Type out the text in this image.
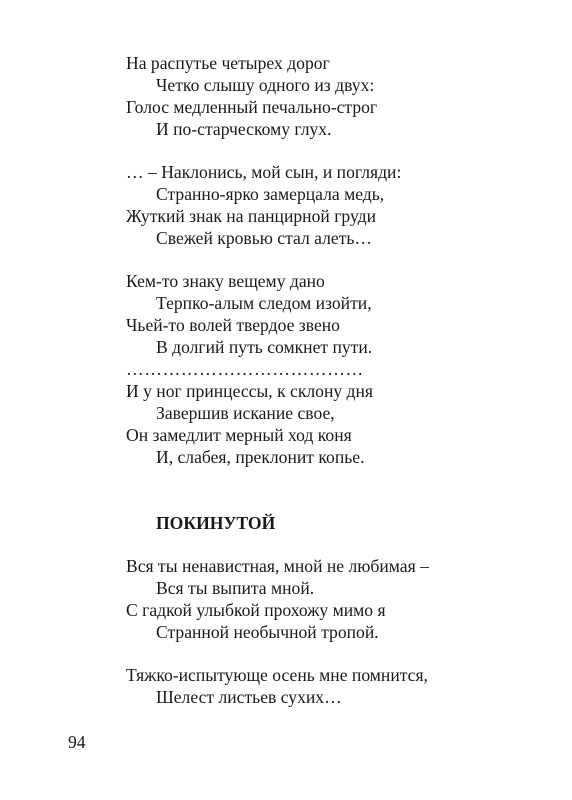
На распутье четырех дорог
Четко слышу одного из двух:
Голос медленный печально-строг
И по-старческому глух.
… – Наклонись, мой сын, и погляди:
Странно-ярко замерцала медь,
Жуткий знак на панцирной груди
Свежей кровью стал алеть…
Кем-то знаку вещему дано
Терпко-алым следом изойти,
Чьей-то волей твердое звено
В долгий путь сомкнет пути.
…………………………………
И у ног принцессы, к склону дня
Завершив искание свое,
Он замедлит мерный ход коня
И, слабея, преклонит копье.
ПОКИНУТОЙ
Вся ты ненавистная, мной не любимая –
Вся ты выпита мной.
С гадкой улыбкой прохожу мимо я
Странной необычной тропой.
Тяжко-испытующе осень мне помнится,
Шелест листьев сухих…
94
